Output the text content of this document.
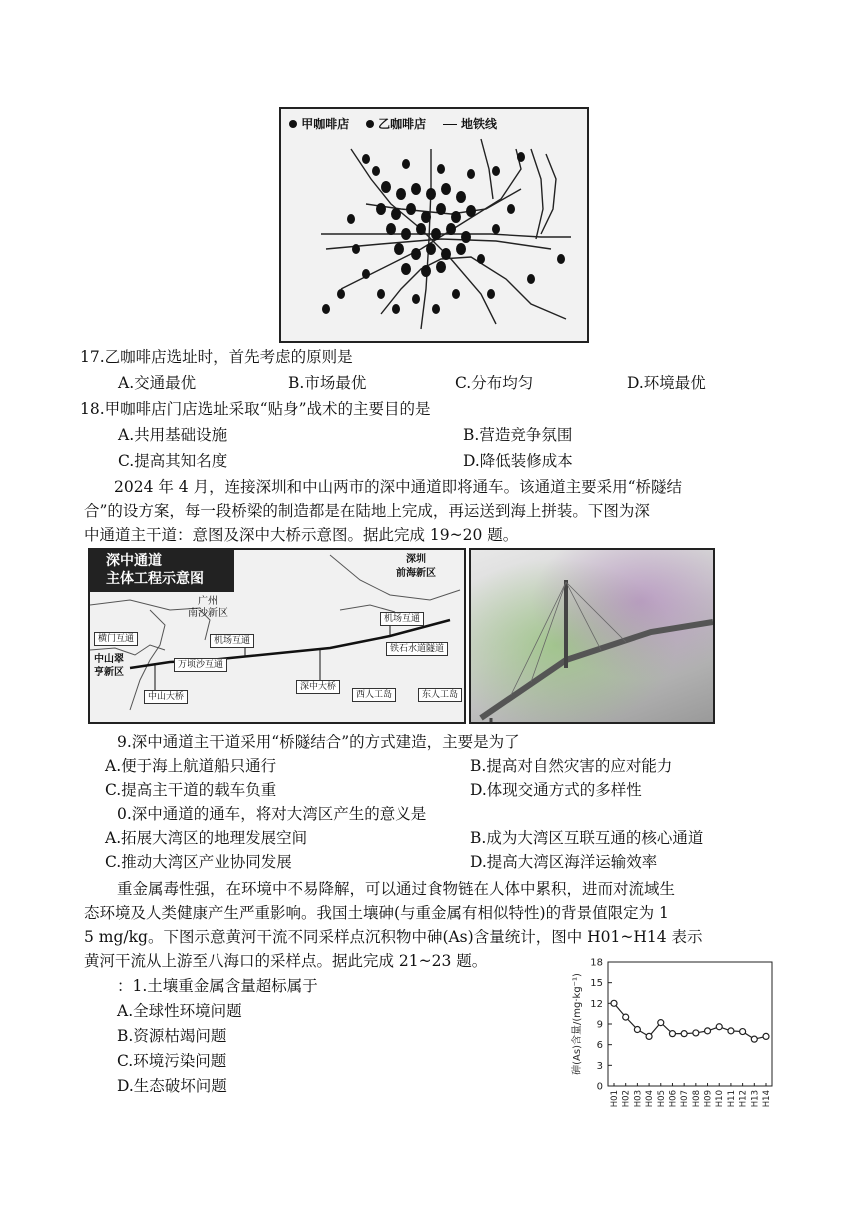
甲咖啡店 乙咖啡店	地铁线
17.乙咖啡店选址时，首先考虑的原则是
A.交通最优	B.市场最优	C.分布均匀	D.环境最优
18.甲咖啡店门店选址采取“贴身”战术的主要目的是
A.共用基础设施	B.营造竞争氛围
C.提高其知名度	D.降低装修成本
2024 年 4 月，连接深圳和中山两市的深中通道即将通车。该通道主要采用“桥隧结
合”的设方案，每一段桥梁的制造都是在陆地上完成，再运送到海上拼装。下图为深
中通道主干道：意图及深中大桥示意图。据此完成 19~20 题。
深中通道
主体工程示意图
深圳
前海新区
广州
南沙新区
中山翠
亨新区
横门互通	机场互通
万顷沙互通
机场互通
铁石水道隧道
西人工岛	东人工岛
中山大桥
深中大桥
9.深中通道主干道采用“桥隧结合”的方式建造，主要是为了
A.便于海上航道船只通行	B.提高对自然灾害的应对能力
C.提高主干道的载车负重	D.体现交通方式的多样性
0.深中通道的通车，将对大湾区产生的意义是
A.拓展大湾区的地理发展空间	B.成为大湾区互联互通的核心通道
C.推动大湾区产业协同发展	D.提高大湾区海洋运输效率
重金属毒性强，在环境中不易降解，可以通过食物链在人体中累积，进而对流域生
态环境及人类健康产生严重影响。我国土壤砷(与重金属有相似特性)的背景值限定为 1
5 mg/kg。下图示意黄河干流不同采样点沉积物中砷(As)含量统计，图中 H01~H14 表示
黄河干流从上游至八海口的采样点。据此完成 21~23 题。
：1.土壤重金属含量超标属于
A.全球性环境问题
B.资源枯竭问题
C.环境污染问题
D.生态破坏问题	0
3
6
9
12
15
18
H01 H02 H03 H04 H05 H06 H07 H08 H09 H10 H11 H12 H13 H14
砷(As)含量/(mg·kg⁻¹)
